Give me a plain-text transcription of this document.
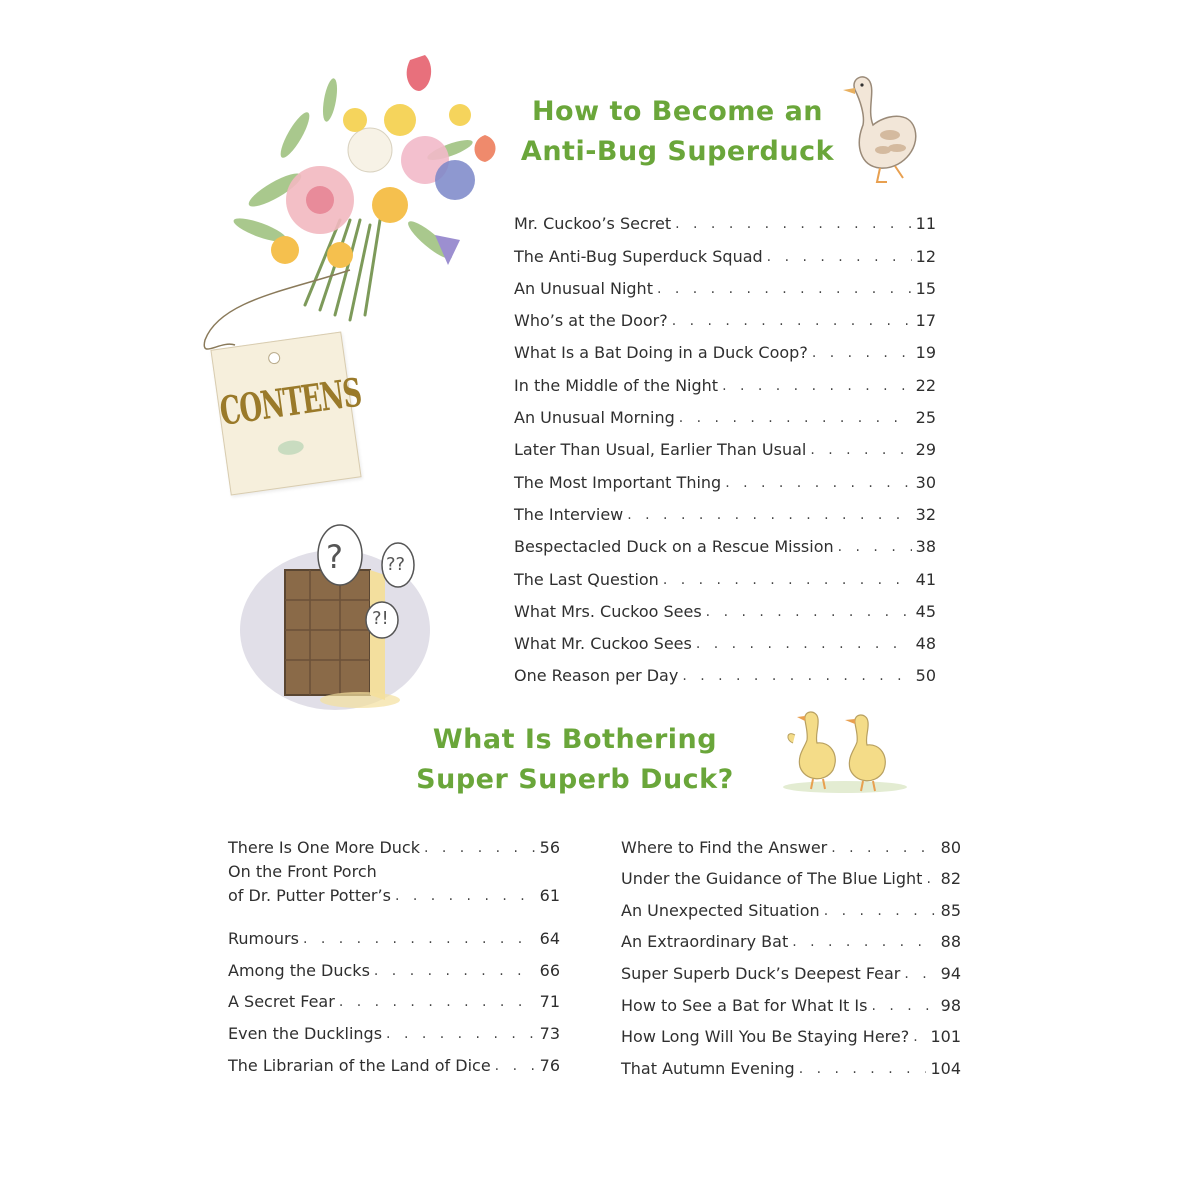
CONTENS
? ??
?!
How to Become an
Anti-Bug Superduck
Mr. Cuckoo’s Secret . . .	11
The Anti-Bug Superduck Squad . . .	12
An Unusual Night . . .	15
Who’s at the Door? . . .	17
What Is a Bat Doing in a Duck Coop? . . .	19
In the Middle of the Night . . .	22
An Unusual Morning . . .	25
Later Than Usual, Earlier Than Usual . . .	29
The Most Important Thing . . .	30
The Interview . . .	32
Bespectacled Duck on a Rescue Mission . . .	38
The Last Question . . .	41
What Mrs. Cuckoo Sees . . .	45
What Mr. Cuckoo Sees . . .	48
One Reason per Day . . .	50
What Is Bothering
Super Superb Duck?
There Is One More Duck . . .	56
On the Front Porch
of Dr. Putter Potter’s . . .	61
Rumours . . .	64
Among the Ducks . . .	66
A Secret Fear . . .	71
Even the Ducklings . . .	73
The Librarian of the Land of Dice . . .	76
Where to Find the Answer . . .	80
Under the Guidance of The Blue Light . . . 82
An Unexpected Situation . . .	85
An Extraordinary Bat . . .	88
Super Superb Duck’s Deepest Fear . . .	94
How to See a Bat for What It Is . . .	98
How Long Will You Be Staying Here? . . . 101
That Autumn Evening . . .	104
